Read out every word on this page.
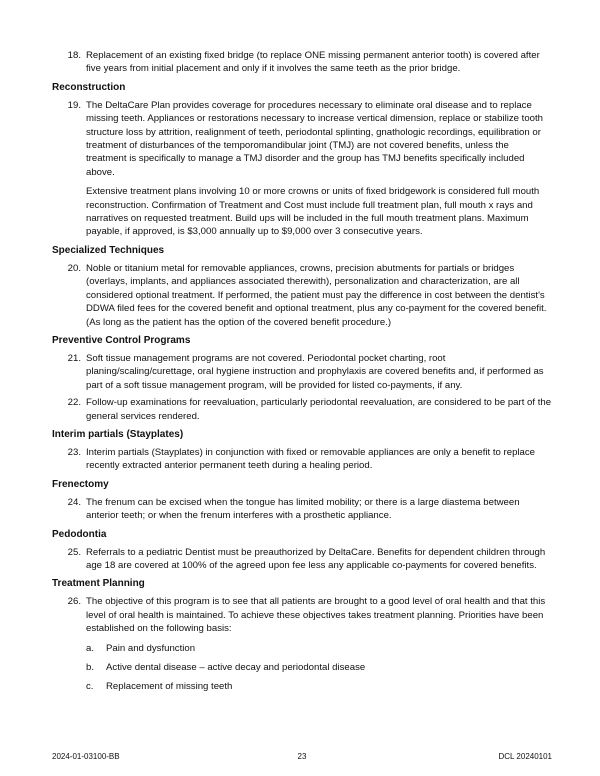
18. Replacement of an existing fixed bridge (to replace ONE missing permanent anterior tooth) is covered after five years from initial placement and only if it involves the same teeth as the prior bridge.
Reconstruction
19. The DeltaCare Plan provides coverage for procedures necessary to eliminate oral disease and to replace missing teeth. Appliances or restorations necessary to increase vertical dimension, replace or stabilize tooth structure loss by attrition, realignment of teeth, periodontal splinting, gnathologic recordings, equilibration or treatment of disturbances of the temporomandibular joint (TMJ) are not covered benefits, unless the treatment is specifically to manage a TMJ disorder and the group has TMJ benefits specifically included above.
Extensive treatment plans involving 10 or more crowns or units of fixed bridgework is considered full mouth reconstruction. Confirmation of Treatment and Cost must include full treatment plan, full mouth x rays and narratives on requested treatment. Build ups will be included in the full mouth treatment plans. Maximum payable, if approved, is $3,000 annually up to $9,000 over 3 consecutive years.
Specialized Techniques
20. Noble or titanium metal for removable appliances, crowns, precision abutments for partials or bridges (overlays, implants, and appliances associated therewith), personalization and characterization, are all considered optional treatment. If performed, the patient must pay the difference in cost between the dentist's DDWA filed fees for the covered benefit and optional treatment, plus any co-payment for the covered benefit. (As long as the patient has the option of the covered benefit procedure.)
Preventive Control Programs
21. Soft tissue management programs are not covered. Periodontal pocket charting, root planing/scaling/curettage, oral hygiene instruction and prophylaxis are covered benefits and, if performed as part of a soft tissue management program, will be provided for listed co-payments, if any.
22. Follow-up examinations for reevaluation, particularly periodontal reevaluation, are considered to be part of the general services rendered.
Interim partials (Stayplates)
23. Interim partials (Stayplates) in conjunction with fixed or removable appliances are only a benefit to replace recently extracted anterior permanent teeth during a healing period.
Frenectomy
24. The frenum can be excised when the tongue has limited mobility; or there is a large diastema between anterior teeth; or when the frenum interferes with a prosthetic appliance.
Pedodontia
25. Referrals to a pediatric Dentist must be preauthorized by DeltaCare. Benefits for dependent children through age 18 are covered at 100% of the agreed upon fee less any applicable co-payments for covered benefits.
Treatment Planning
26. The objective of this program is to see that all patients are brought to a good level of oral health and that this level of oral health is maintained. To achieve these objectives takes treatment planning. Priorities have been established on the following basis:
a.	Pain and dysfunction
b.	Active dental disease – active decay and periodontal disease
c.	Replacement of missing teeth
2024-01-03100-BB	23	DCL 20240101
